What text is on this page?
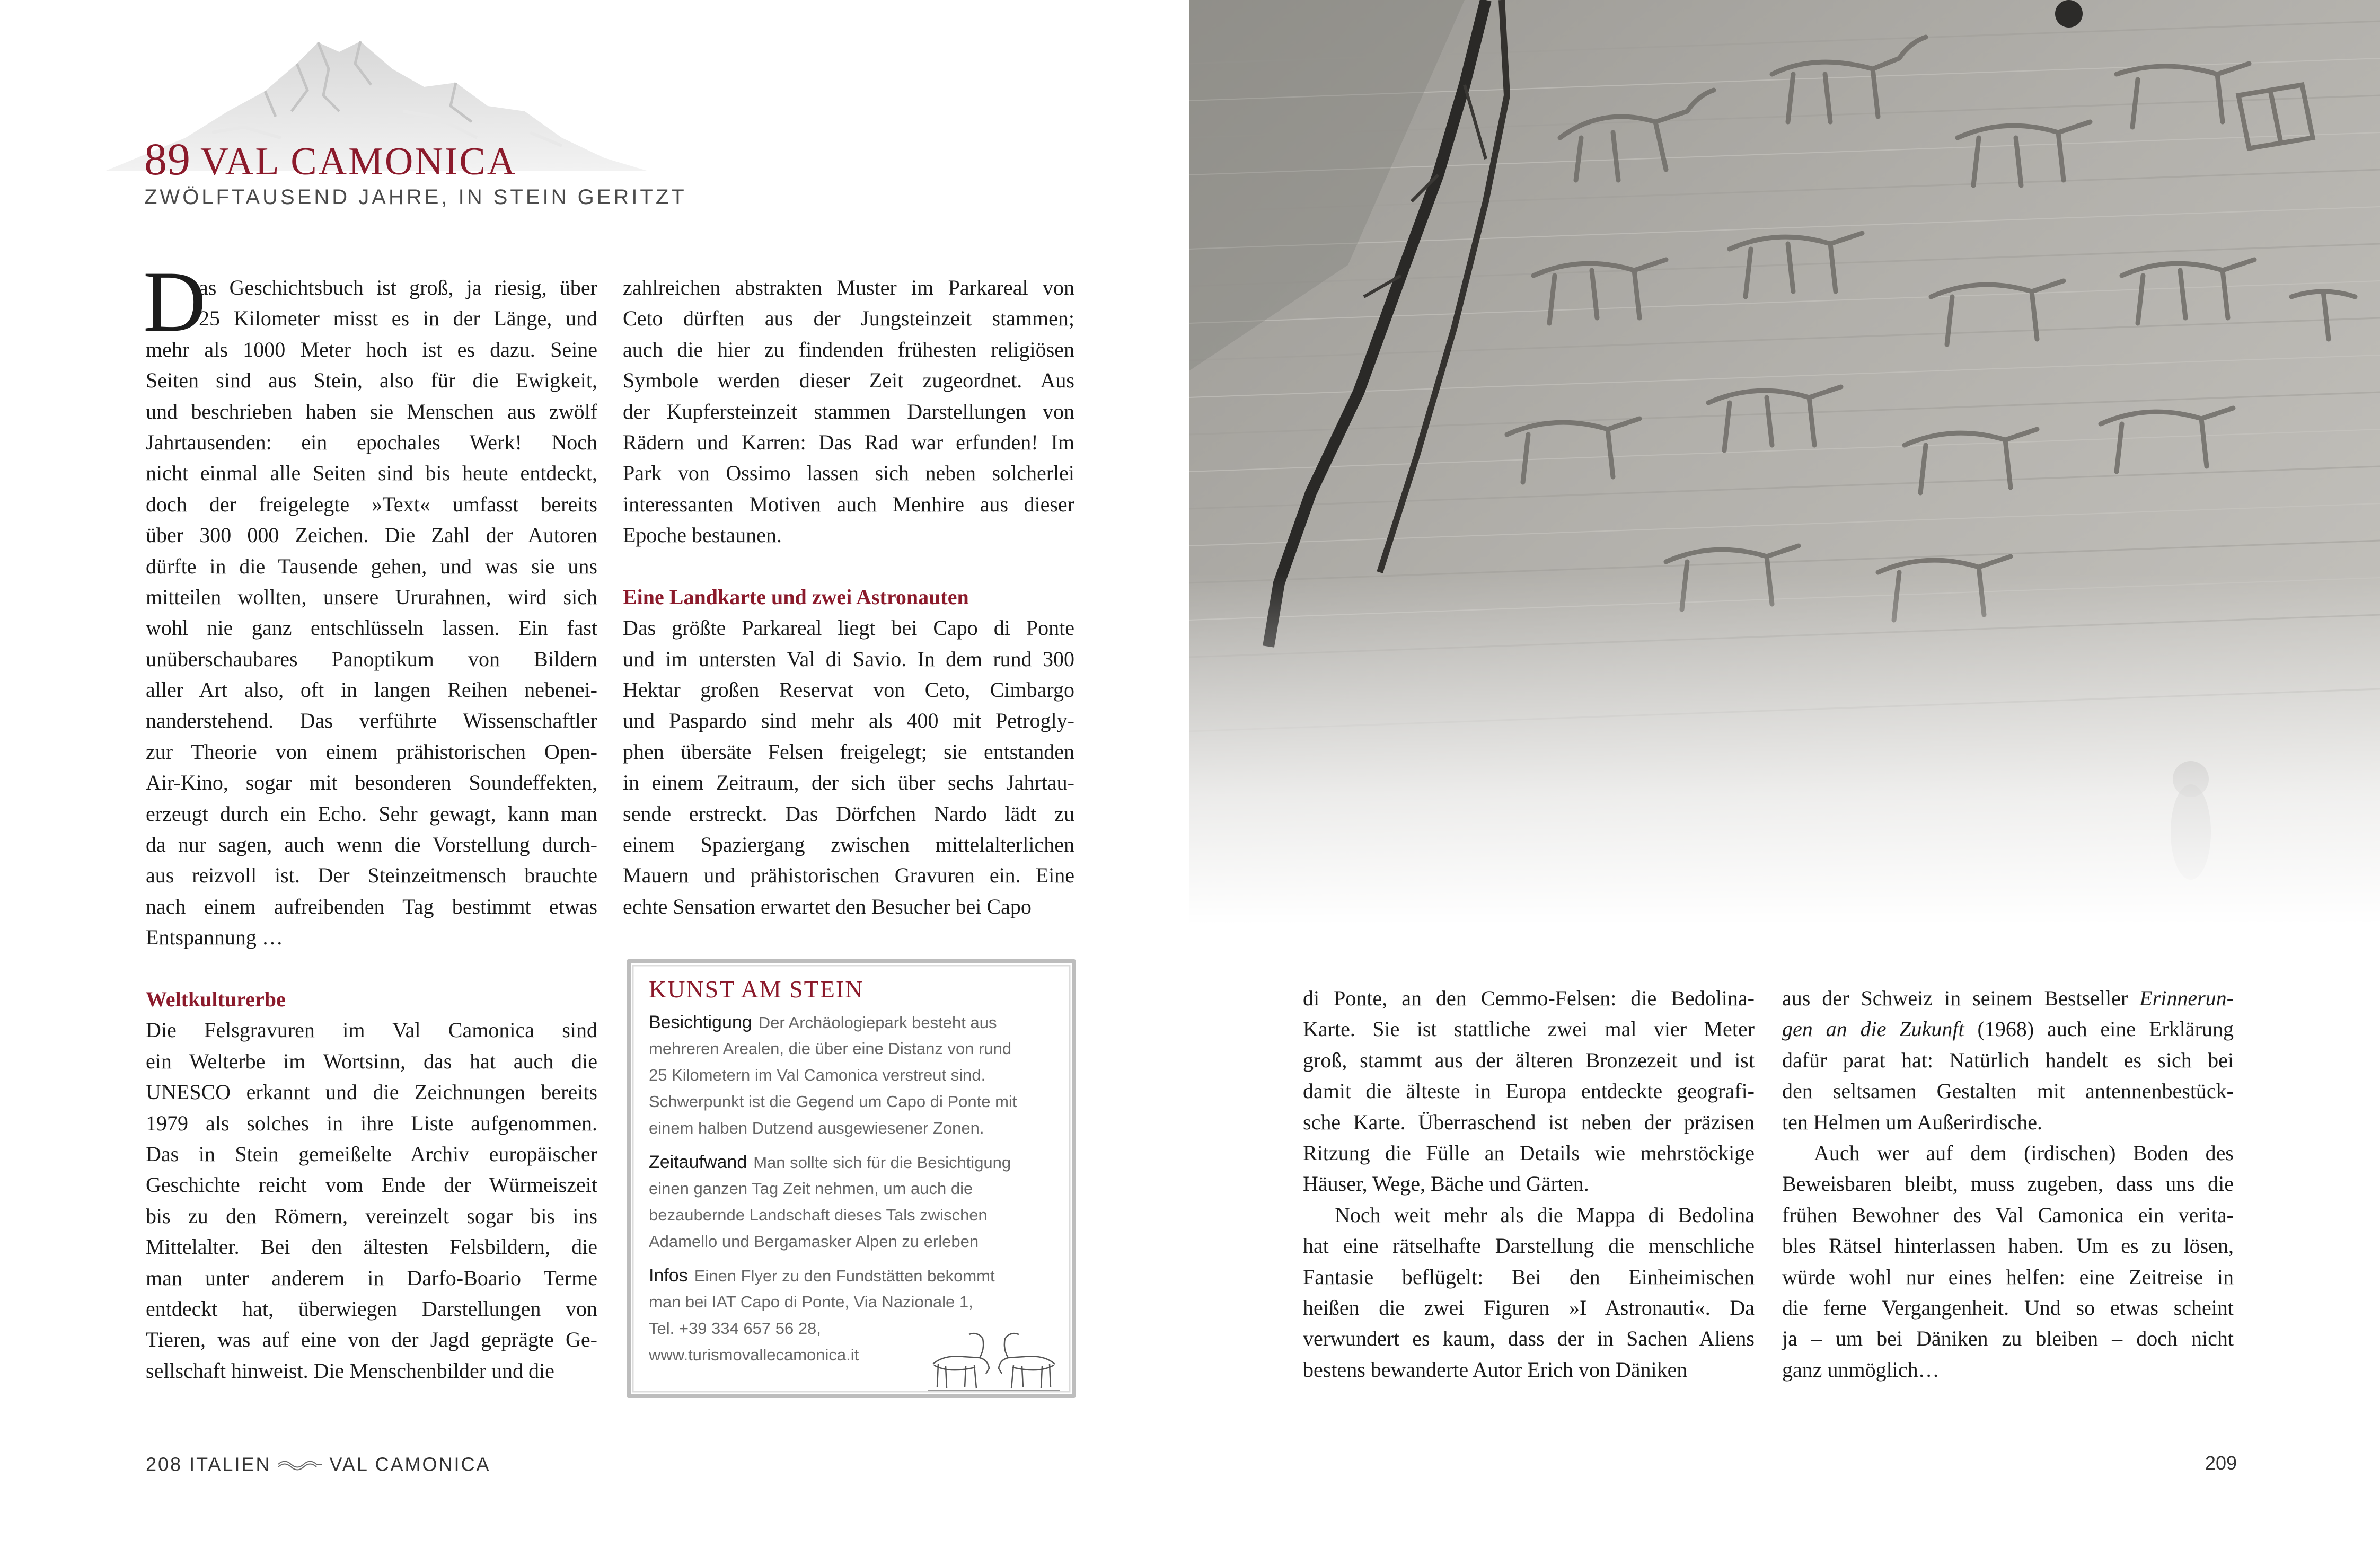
89 VAL CAMONICA
ZWÖLFTAUSEND JAHRE, IN STEIN GERITZT
D
as Geschichtsbuch ist groß, ja riesig, über
25 Kilometer misst es in der Länge, und
mehr als 1000 Meter hoch ist es dazu. Seine
Seiten sind aus Stein, also für die Ewigkeit,
und beschrieben haben sie Menschen aus zwölf
Jahrtausenden: ein epochales Werk! Noch
nicht einmal alle Seiten sind bis heute entdeckt,
doch der freigelegte »Text« umfasst bereits
über 300 000 Zeichen. Die Zahl der Autoren
dürfte in die Tausende gehen, und was sie uns
mitteilen wollten, unsere Ururahnen, wird sich
wohl nie ganz entschlüsseln lassen. Ein fast
unüberschaubares Panoptikum von Bildern
aller Art also, oft in langen Reihen nebenei-
nanderstehend. Das verführte Wissenschaftler
zur Theorie von einem prähistorischen Open-
Air-Kino, sogar mit besonderen Soundeffekten,
erzeugt durch ein Echo. Sehr gewagt, kann man
da nur sagen, auch wenn die Vorstellung durch-
aus reizvoll ist. Der Steinzeitmensch brauchte
nach einem aufreibenden Tag bestimmt etwas
Entspannung …
Weltkulturerbe
Die Felsgravuren im Val Camonica sind
ein Welterbe im Wortsinn, das hat auch die
UNESCO erkannt und die Zeichnungen bereits
1979 als solches in ihre Liste aufgenommen.
Das in Stein gemeißelte Archiv europäischer
Geschichte reicht vom Ende der Würmeiszeit
bis zu den Römern, vereinzelt sogar bis ins
Mittelalter. Bei den ältesten Felsbildern, die
man unter anderem in Darfo-Boario Terme
entdeckt hat, überwiegen Darstellungen von
Tieren, was auf eine von der Jagd geprägte Ge-
sellschaft hinweist. Die Menschenbilder und die
zahlreichen abstrakten Muster im Parkareal von
Ceto dürften aus der Jungsteinzeit stammen;
auch die hier zu findenden frühesten religiösen
Symbole werden dieser Zeit zugeordnet. Aus
der Kupfersteinzeit stammen Darstellungen von
Rädern und Karren: Das Rad war erfunden! Im
Park von Ossimo lassen sich neben solcherlei
interessanten Motiven auch Menhire aus dieser
Epoche bestaunen.
Eine Landkarte und zwei Astronauten
Das größte Parkareal liegt bei Capo di Ponte
und im untersten Val di Savio. In dem rund 300
Hektar großen Reservat von Ceto, Cimbargo
und Paspardo sind mehr als 400 mit Petrogly-
phen übersäte Felsen freigelegt; sie entstanden
in einem Zeitraum, der sich über sechs Jahrtau-
sende erstreckt. Das Dörfchen Nardo lädt zu
einem Spaziergang zwischen mittelalterlichen
Mauern und prähistorischen Gravuren ein. Eine
echte Sensation erwartet den Besucher bei Capo
KUNST AM STEIN
Besichtigung Der Archäologiepark besteht aus
mehreren Arealen, die über eine Distanz von rund
25 Kilometern im Val Camonica verstreut sind.
Schwerpunkt ist die Gegend um Capo di Ponte mit
einem halben Dutzend ausgewiesener Zonen.
Zeitaufwand Man sollte sich für die Besichtigung
einen ganzen Tag Zeit nehmen, um auch die
bezaubernde Landschaft dieses Tals zwischen
Adamello und Bergamasker Alpen zu erleben
Infos Einen Flyer zu den Fundstätten bekommt
man bei IAT Capo di Ponte, Via Nazionale 1,
Tel. +39 334 657 56 28,
www.turismovallecamonica.it
di Ponte, an den Cemmo-Felsen: die Bedolina-
Karte. Sie ist stattliche zwei mal vier Meter
groß, stammt aus der älteren Bronzezeit und ist
damit die älteste in Europa entdeckte geografi-
sche Karte. Überraschend ist neben der präzisen
Ritzung die Fülle an Details wie mehrstöckige
Häuser, Wege, Bäche und Gärten.
Noch weit mehr als die Mappa di Bedolina
hat eine rätselhafte Darstellung die menschliche
Fantasie beflügelt: Bei den Einheimischen
heißen die zwei Figuren »I Astronauti«. Da
verwundert es kaum, dass der in Sachen Aliens
bestens bewanderte Autor Erich von Däniken
aus der Schweiz in seinem Bestseller Erinnerun-
gen an die Zukunft (1968) auch eine Erklärung
dafür parat hat: Natürlich handelt es sich bei
den seltsamen Gestalten mit antennenbestück-
ten Helmen um Außerirdische.
Auch wer auf dem (irdischen) Boden des
Beweisbaren bleibt, muss zugeben, dass uns die
frühen Bewohner des Val Camonica ein verita-
bles Rätsel hinterlassen haben. Um es zu lösen,
würde wohl nur eines helfen: eine Zeitreise in
die ferne Vergangenheit. Und so etwas scheint
ja – um bei Däniken zu bleiben – doch nicht
ganz unmöglich…
208 ITALIEN	VAL CAMONICA	209
